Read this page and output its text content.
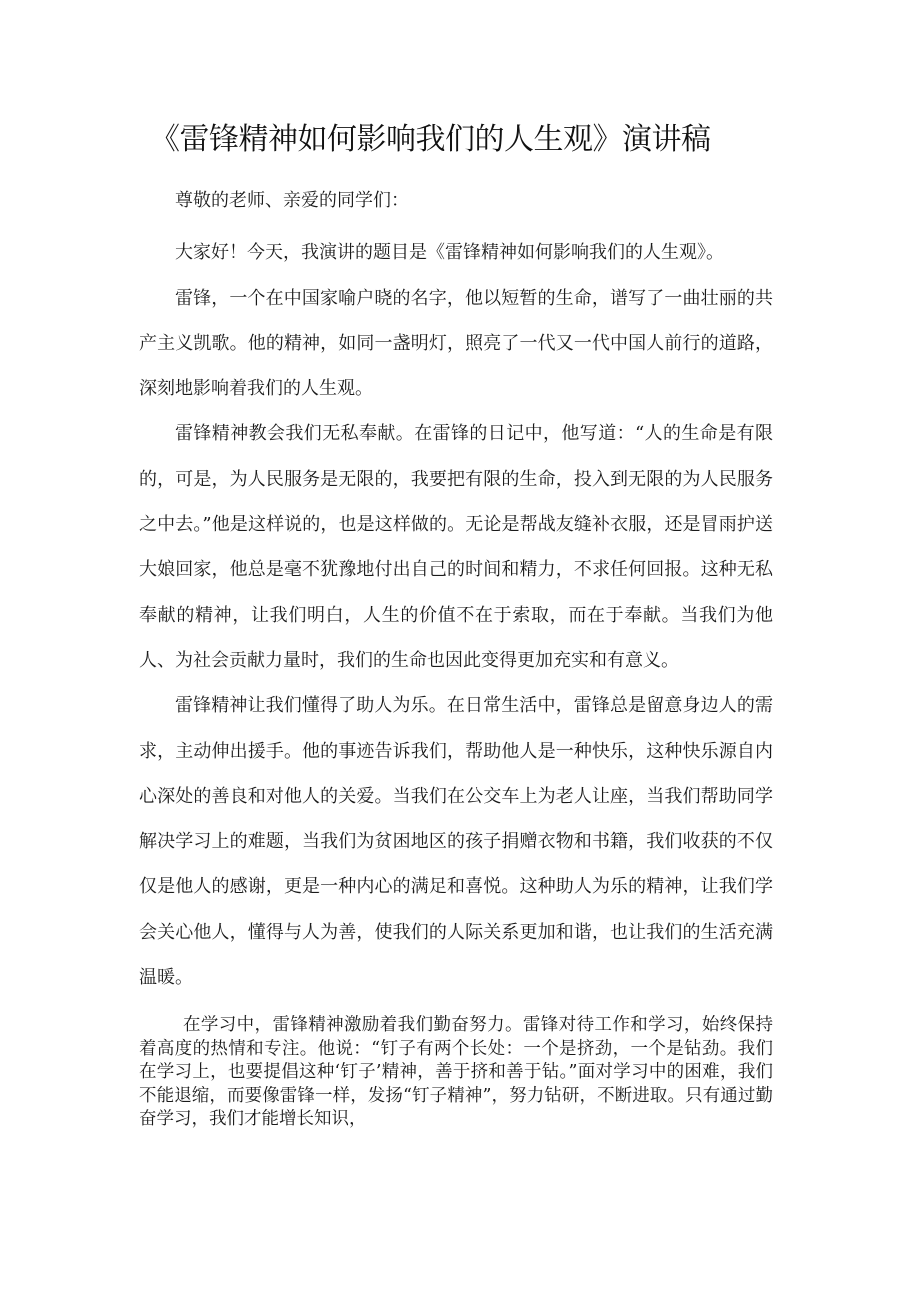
《雷锋精神如何影响我们的人生观》演讲稿

尊敬的老师、亲爱的同学们：

大家好！今天，我演讲的题目是《雷锋精神如何影响我们的人生观》。

雷锋，一个在中国家喻户晓的名字，他以短暂的生命，谱写了一曲壮丽的共产主义凯歌。他的精神，如同一盏明灯，照亮了一代又一代中国人前行的道路，深刻地影响着我们的人生观。

雷锋精神教会我们无私奉献。在雷锋的日记中，他写道：“人的生命是有限的，可是，为人民服务是无限的，我要把有限的生命，投入到无限的为人民服务之中去。”他是这样说的，也是这样做的。无论是帮战友缝补衣服，还是冒雨护送大娘回家，他总是毫不犹豫地付出自己的时间和精力，不求任何回报。这种无私奉献的精神，让我们明白，人生的价值不在于索取，而在于奉献。当我们为他人、为社会贡献力量时，我们的生命也因此变得更加充实和有意义。

雷锋精神让我们懂得了助人为乐。在日常生活中，雷锋总是留意身边人的需求，主动伸出援手。他的事迹告诉我们，帮助他人是一种快乐，这种快乐源自内心深处的善良和对他人的关爱。当我们在公交车上为老人让座，当我们帮助同学解决学习上的难题，当我们为贫困地区的孩子捐赠衣物和书籍，我们收获的不仅仅是他人的感谢，更是一种内心的满足和喜悦。这种助人为乐的精神，让我们学会关心他人，懂得与人为善，使我们的人际关系更加和谐，也让我们的生活充满温暖。

在学习中，雷锋精神激励着我们勤奋努力。雷锋对待工作和学习，始终保持着高度的热情和专注。他说：“钉子有两个长处：一个是挤劲，一个是钻劲。我们在学习上，也要提倡这种‘钉子’精神，善于挤和善于钻。”面对学习中的困难，我们不能退缩，而要像雷锋一样，发扬“钉子精神”，努力钻研，不断进取。只有通过勤奋学习，我们才能增长知识，
